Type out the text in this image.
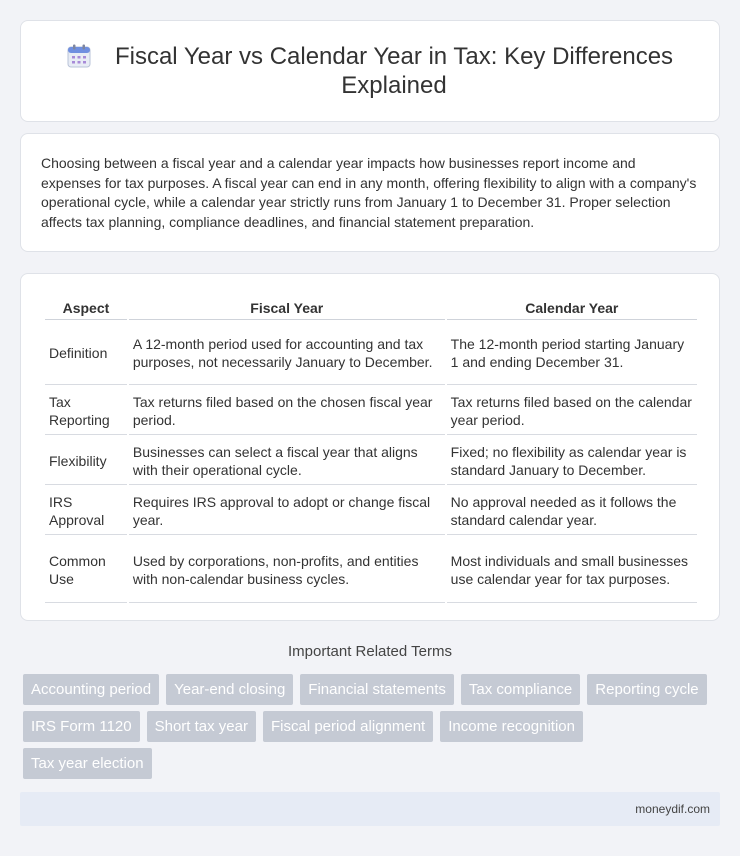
Fiscal Year vs Calendar Year in Tax: Key Differences Explained

Choosing between a fiscal year and a calendar year impacts how businesses report income and expenses for tax purposes. A fiscal year can end in any month, offering flexibility to align with a company's operational cycle, while a calendar year strictly runs from January 1 to December 31. Proper selection affects tax planning, compliance deadlines, and financial statement preparation.

Aspect	Fiscal Year	Calendar Year
Definition	A 12-month period used for accounting and tax purposes, not necessarily January to December.	The 12-month period starting January 1 and ending December 31.
Tax Reporting	Tax returns filed based on the chosen fiscal year period.	Tax returns filed based on the calendar year period.
Flexibility	Businesses can select a fiscal year that aligns with their operational cycle.	Fixed; no flexibility as calendar year is standard January to December.
IRS Approval	Requires IRS approval to adopt or change fiscal year.	No approval needed as it follows the standard calendar year.
Common Use	Used by corporations, non-profits, and entities with non-calendar business cycles.	Most individuals and small businesses use calendar year for tax purposes.
Important Related Terms
Accounting period	Year-end closing	Financial statements	Tax compliance	Reporting cycle
IRS Form 1120	Short tax year	Fiscal period alignment	Income recognition
Tax year election
moneydif.com
